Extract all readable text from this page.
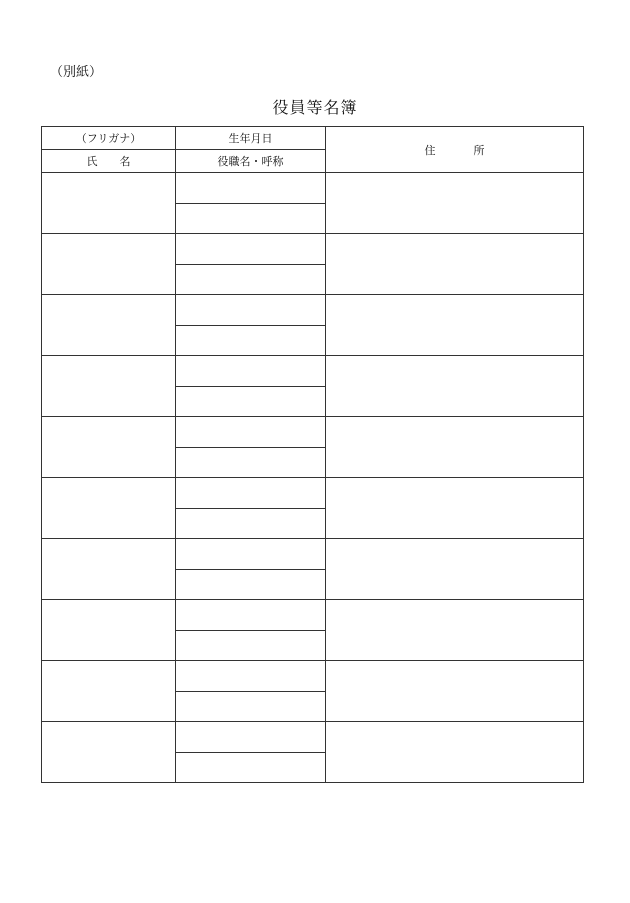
（別紙）
役員等名簿
（フリガナ）	生年月日	住 所
氏 名	役職名・呼称	
